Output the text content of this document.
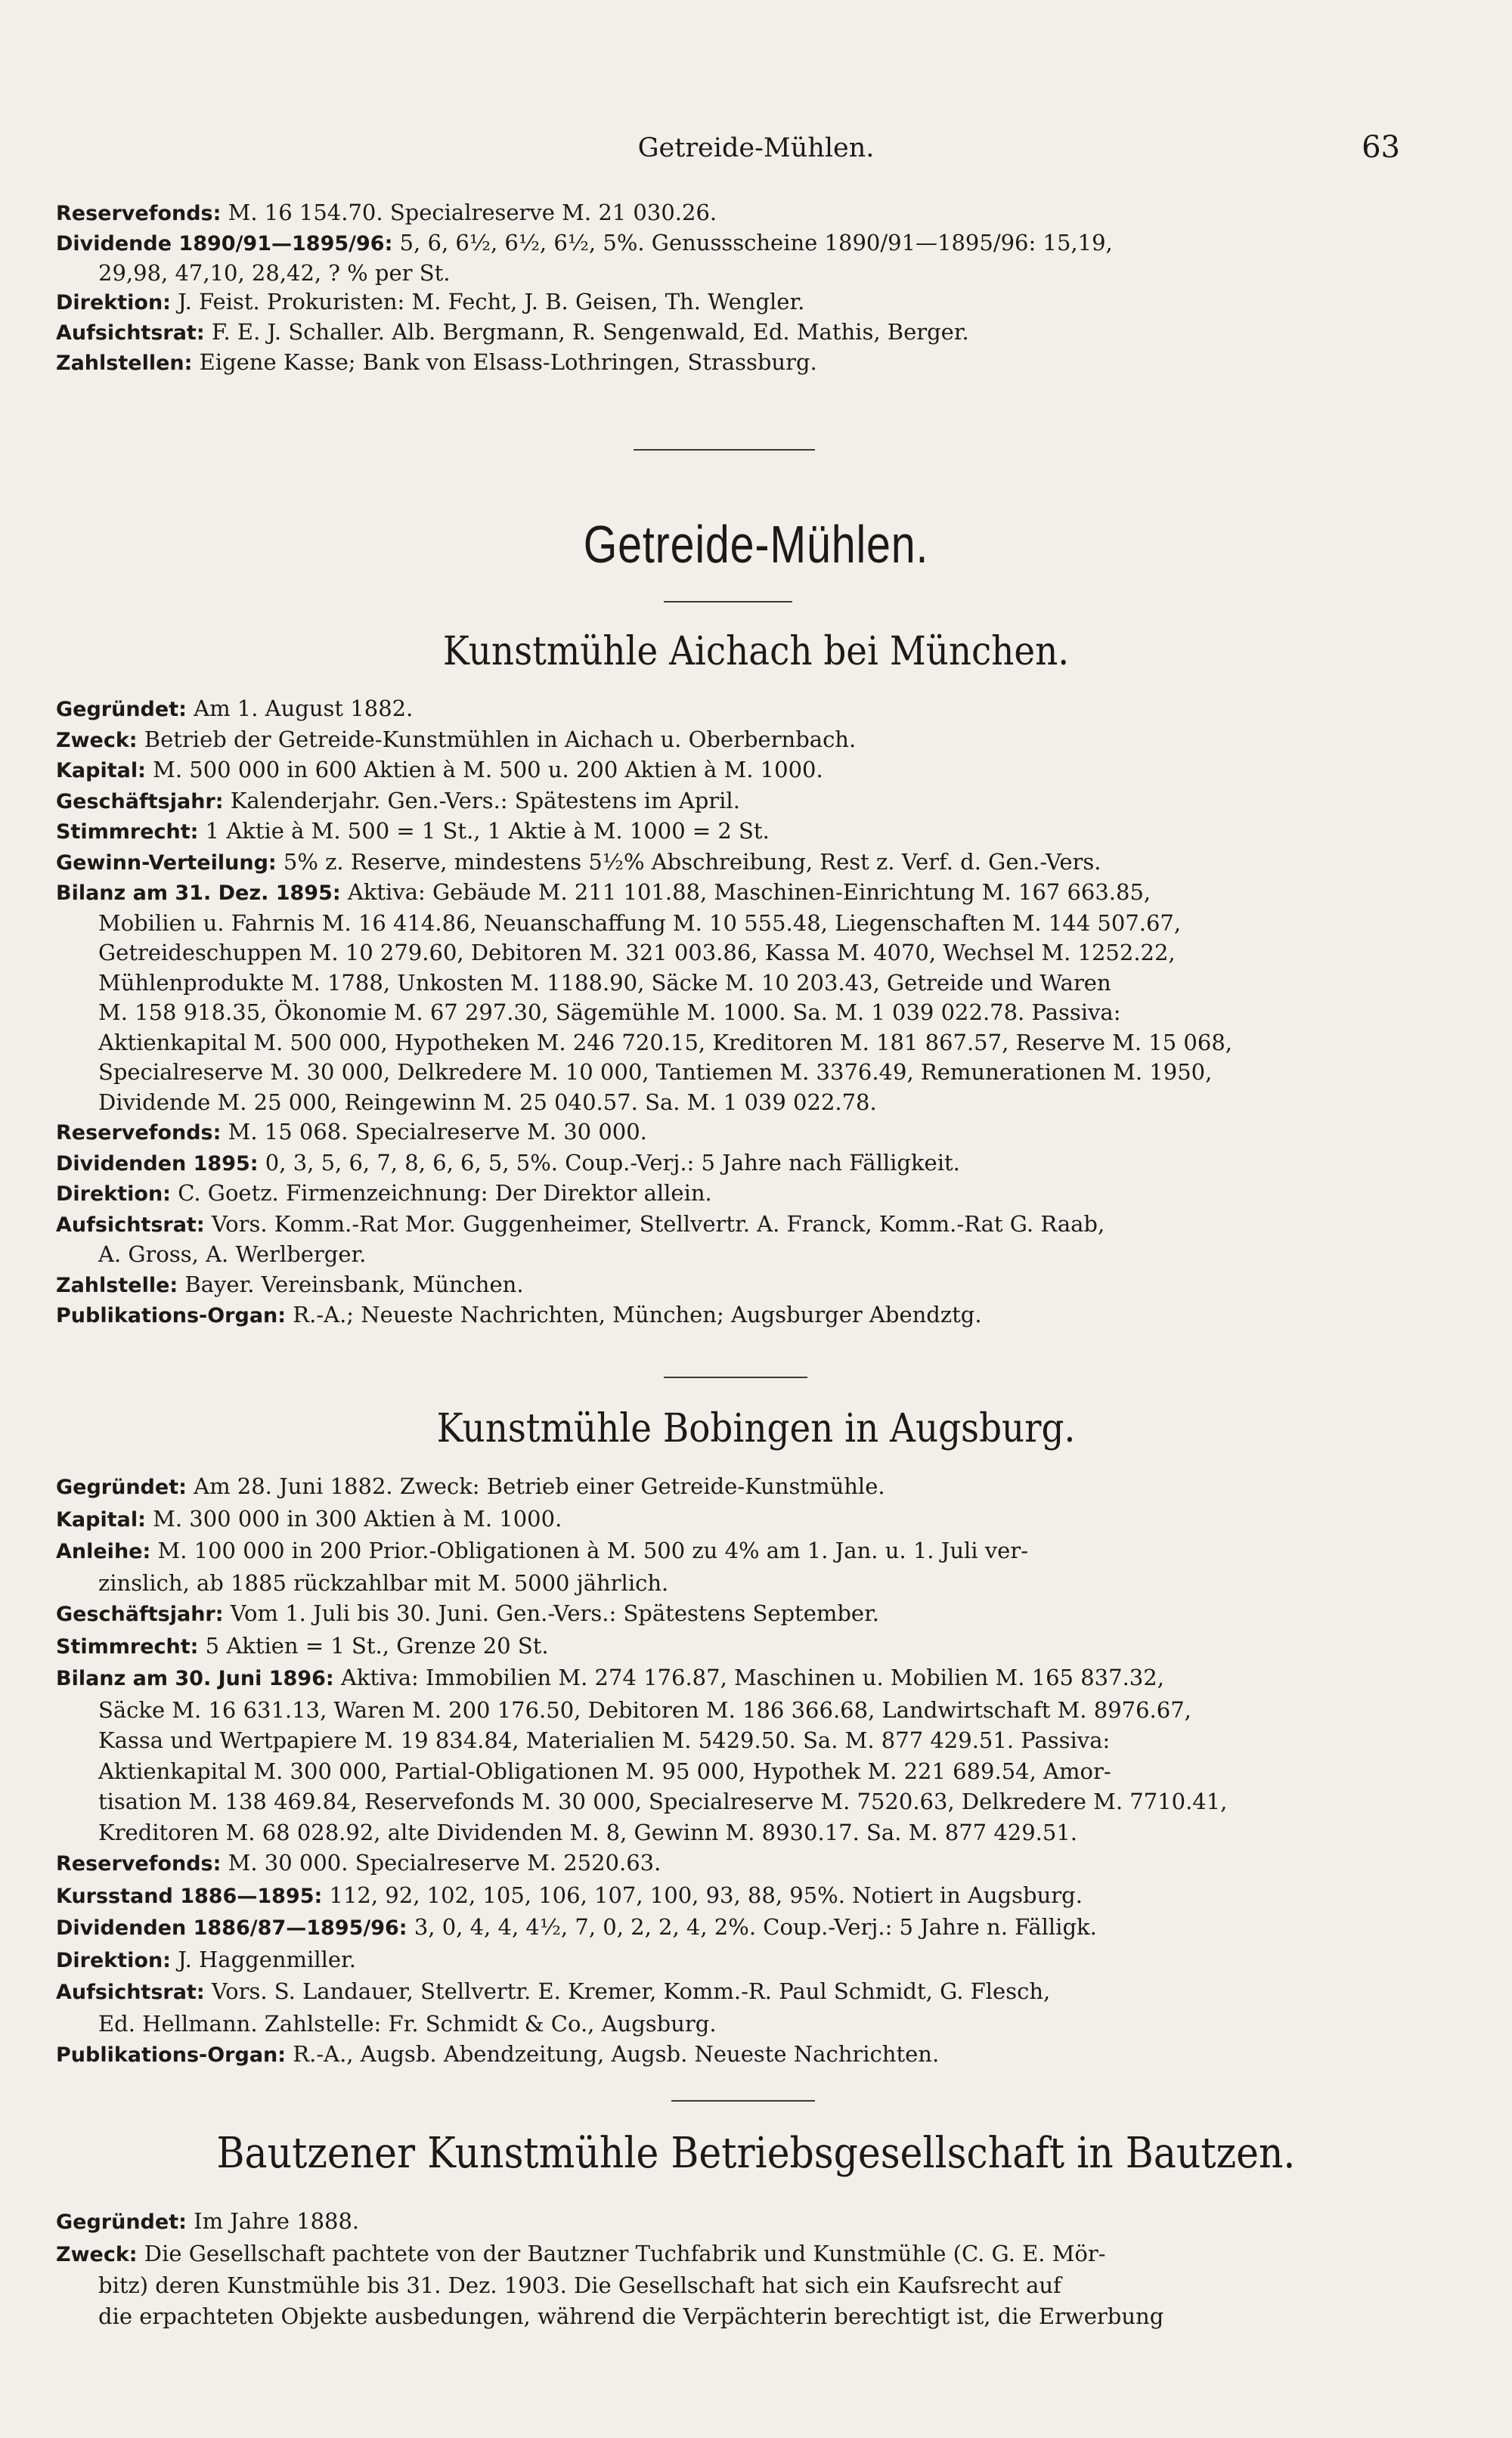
Getreide-Mühlen.	63
Reservefonds: M. 16 154.70. Specialreserve M. 21 030.26.
Dividende 1890/91—1895/96: 5, 6, 6½, 6½, 6½, 5%. Genussscheine 1890/91—1895/96: 15,19,
29,98, 47,10, 28,42, ? % per St.
Direktion: J. Feist. Prokuristen: M. Fecht, J. B. Geisen, Th. Wengler.
Aufsichtsrat: F. E. J. Schaller. Alb. Bergmann, R. Sengenwald, Ed. Mathis, Berger.
Zahlstellen: Eigene Kasse; Bank von Elsass-Lothringen, Strassburg.
Getreide-Mühlen.
Kunstmühle Aichach bei München.
Gegründet: Am 1. August 1882.
Zweck: Betrieb der Getreide-Kunstmühlen in Aichach u. Oberbernbach.
Kapital: M. 500 000 in 600 Aktien à M. 500 u. 200 Aktien à M. 1000.
Geschäftsjahr: Kalenderjahr. Gen.-Vers.: Spätestens im April.
Stimmrecht: 1 Aktie à M. 500 = 1 St., 1 Aktie à M. 1000 = 2 St.
Gewinn-Verteilung: 5% z. Reserve, mindestens 5½% Abschreibung, Rest z. Verf. d. Gen.-Vers.
Bilanz am 31. Dez. 1895: Aktiva: Gebäude M. 211 101.88, Maschinen-Einrichtung M. 167 663.85,
Mobilien u. Fahrnis M. 16 414.86, Neuanschaffung M. 10 555.48, Liegenschaften M. 144 507.67,
Getreideschuppen M. 10 279.60, Debitoren M. 321 003.86, Kassa M. 4070, Wechsel M. 1252.22,
Mühlenprodukte M. 1788, Unkosten M. 1188.90, Säcke M. 10 203.43, Getreide und Waren
M. 158 918.35, Ökonomie M. 67 297.30, Sägemühle M. 1000. Sa. M. 1 039 022.78. Passiva:
Aktienkapital M. 500 000, Hypotheken M. 246 720.15, Kreditoren M. 181 867.57, Reserve M. 15 068,
Specialreserve M. 30 000, Delkredere M. 10 000, Tantiemen M. 3376.49, Remunerationen M. 1950,
Dividende M. 25 000, Reingewinn M. 25 040.57. Sa. M. 1 039 022.78.
Reservefonds: M. 15 068. Specialreserve M. 30 000.
Dividenden 1895: 0, 3, 5, 6, 7, 8, 6, 6, 5, 5%. Coup.-Verj.: 5 Jahre nach Fälligkeit.
Direktion: C. Goetz. Firmenzeichnung: Der Direktor allein.
Aufsichtsrat: Vors. Komm.-Rat Mor. Guggenheimer, Stellvertr. A. Franck, Komm.-Rat G. Raab,
A. Gross, A. Werlberger.
Zahlstelle: Bayer. Vereinsbank, München.
Publikations-Organ: R.-A.; Neueste Nachrichten, München; Augsburger Abendztg.
Kunstmühle Bobingen in Augsburg.
Gegründet: Am 28. Juni 1882. Zweck: Betrieb einer Getreide-Kunstmühle.
Kapital: M. 300 000 in 300 Aktien à M. 1000.
Anleihe: M. 100 000 in 200 Prior.-Obligationen à M. 500 zu 4% am 1. Jan. u. 1. Juli ver-
zinslich, ab 1885 rückzahlbar mit M. 5000 jährlich.
Geschäftsjahr: Vom 1. Juli bis 30. Juni. Gen.-Vers.: Spätestens September.
Stimmrecht: 5 Aktien = 1 St., Grenze 20 St.
Bilanz am 30. Juni 1896: Aktiva: Immobilien M. 274 176.87, Maschinen u. Mobilien M. 165 837.32,
Säcke M. 16 631.13, Waren M. 200 176.50, Debitoren M. 186 366.68, Landwirtschaft M. 8976.67,
Kassa und Wertpapiere M. 19 834.84, Materialien M. 5429.50. Sa. M. 877 429.51. Passiva:
Aktienkapital M. 300 000, Partial-Obligationen M. 95 000, Hypothek M. 221 689.54, Amor-
tisation M. 138 469.84, Reservefonds M. 30 000, Specialreserve M. 7520.63, Delkredere M. 7710.41,
Kreditoren M. 68 028.92, alte Dividenden M. 8, Gewinn M. 8930.17. Sa. M. 877 429.51.
Reservefonds: M. 30 000. Specialreserve M. 2520.63.
Kursstand 1886—1895: 112, 92, 102, 105, 106, 107, 100, 93, 88, 95%. Notiert in Augsburg.
Dividenden 1886/87—1895/96: 3, 0, 4, 4, 4½, 7, 0, 2, 2, 4, 2%. Coup.-Verj.: 5 Jahre n. Fälligk.
Direktion: J. Haggenmiller.
Aufsichtsrat: Vors. S. Landauer, Stellvertr. E. Kremer, Komm.-R. Paul Schmidt, G. Flesch,
Ed. Hellmann. Zahlstelle: Fr. Schmidt & Co., Augsburg.
Publikations-Organ: R.-A., Augsb. Abendzeitung, Augsb. Neueste Nachrichten.
Bautzener Kunstmühle Betriebsgesellschaft in Bautzen.
Gegründet: Im Jahre 1888.
Zweck: Die Gesellschaft pachtete von der Bautzner Tuchfabrik und Kunstmühle (C. G. E. Mör-
bitz) deren Kunstmühle bis 31. Dez. 1903. Die Gesellschaft hat sich ein Kaufsrecht auf
die erpachteten Objekte ausbedungen, während die Verpächterin berechtigt ist, die Erwerbung
